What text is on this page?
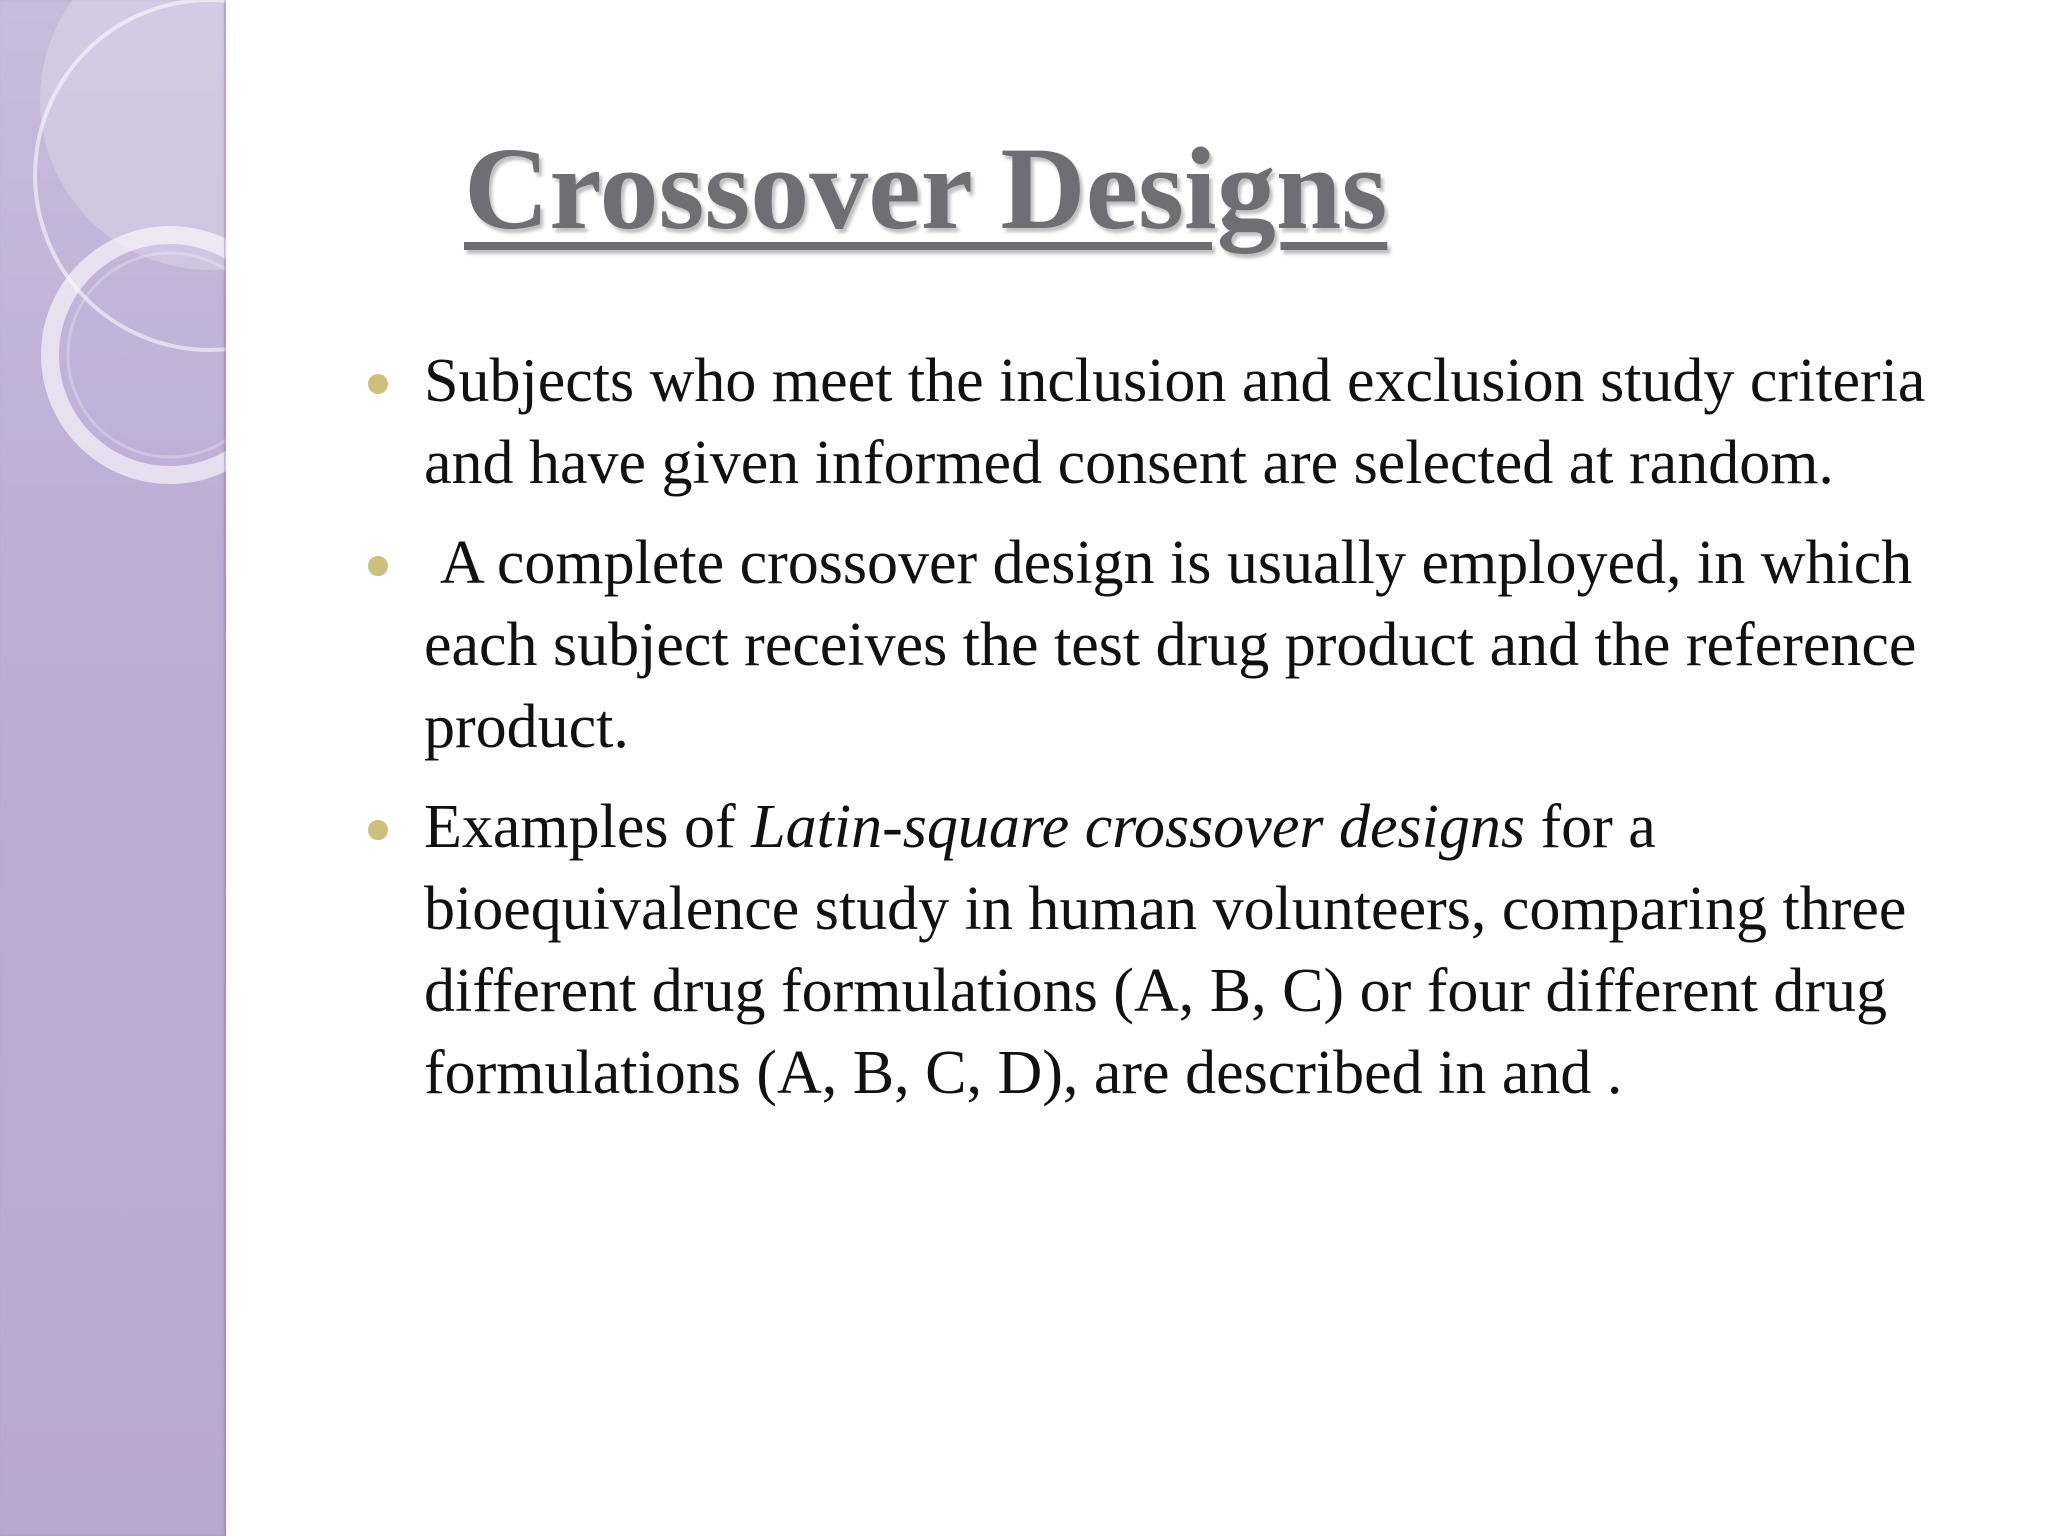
Crossover Designs
Subjects who meet the inclusion and exclusion study criteria and have given informed consent are selected at random.
A complete crossover design is usually employed, in which each subject receives the test drug product and the reference product.
Examples of Latin-square crossover designs for a bioequivalence study in human volunteers, comparing three different drug formulations (A, B, C) or four different drug formulations (A, B, C, D), are described in and .
